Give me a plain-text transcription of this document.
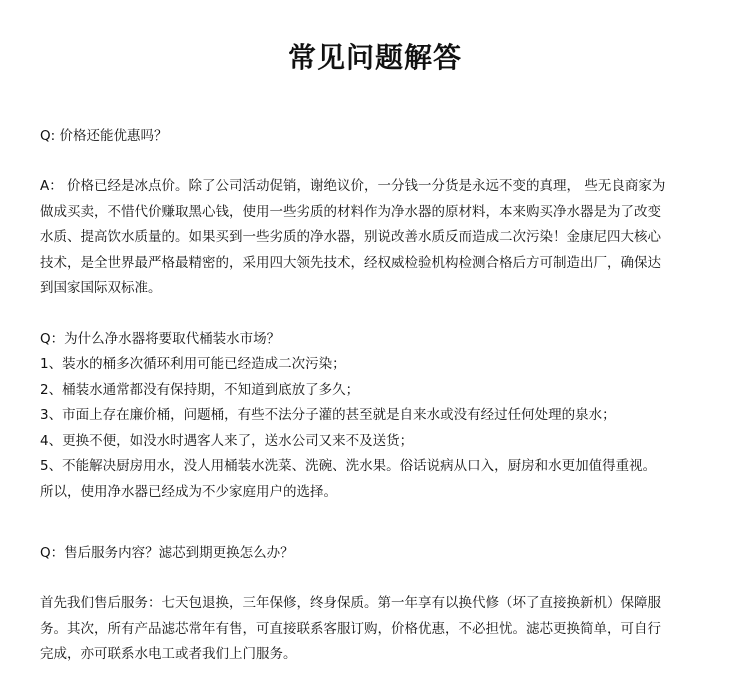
常见问题解答
Q: 价格还能优惠吗？
A： 价格已经是冰点价。除了公司活动促销，谢绝议价，一分钱一分货是永远不变的真理， 些无良商家为
做成买卖，不惜代价赚取黑心钱，使用一些劣质的材料作为净水器的原材料，本来购买净水器是为了改变
水质、提高饮水质量的。如果买到一些劣质的净水器，别说改善水质反而造成二次污染！金康尼四大核心
技术，是全世界最严格最精密的，采用四大领先技术，经权威检验机构检测合格后方可制造出厂，确保达
到国家国际双标准。
Q：为什么净水器将要取代桶装水市场？
1、装水的桶多次循环利用可能已经造成二次污染；
2、桶装水通常都没有保持期，不知道到底放了多久；
3、市面上存在廉价桶，问题桶，有些不法分子灌的甚至就是自来水或没有经过任何处理的泉水；
4、更换不便，如没水时遇客人来了，送水公司又来不及送货；
5、不能解决厨房用水，没人用桶装水洗菜、洗碗、洗水果。俗话说病从口入，厨房和水更加值得重视。
所以，使用净水器已经成为不少家庭用户的选择。
Q：售后服务内容？滤芯到期更换怎么办？
首先我们售后服务：七天包退换，三年保修，终身保质。第一年享有以换代修（坏了直接换新机）保障服
务。其次，所有产品滤芯常年有售，可直接联系客服订购，价格优惠，不必担忧。滤芯更换简单，可自行
完成，亦可联系水电工或者我们上门服务。
